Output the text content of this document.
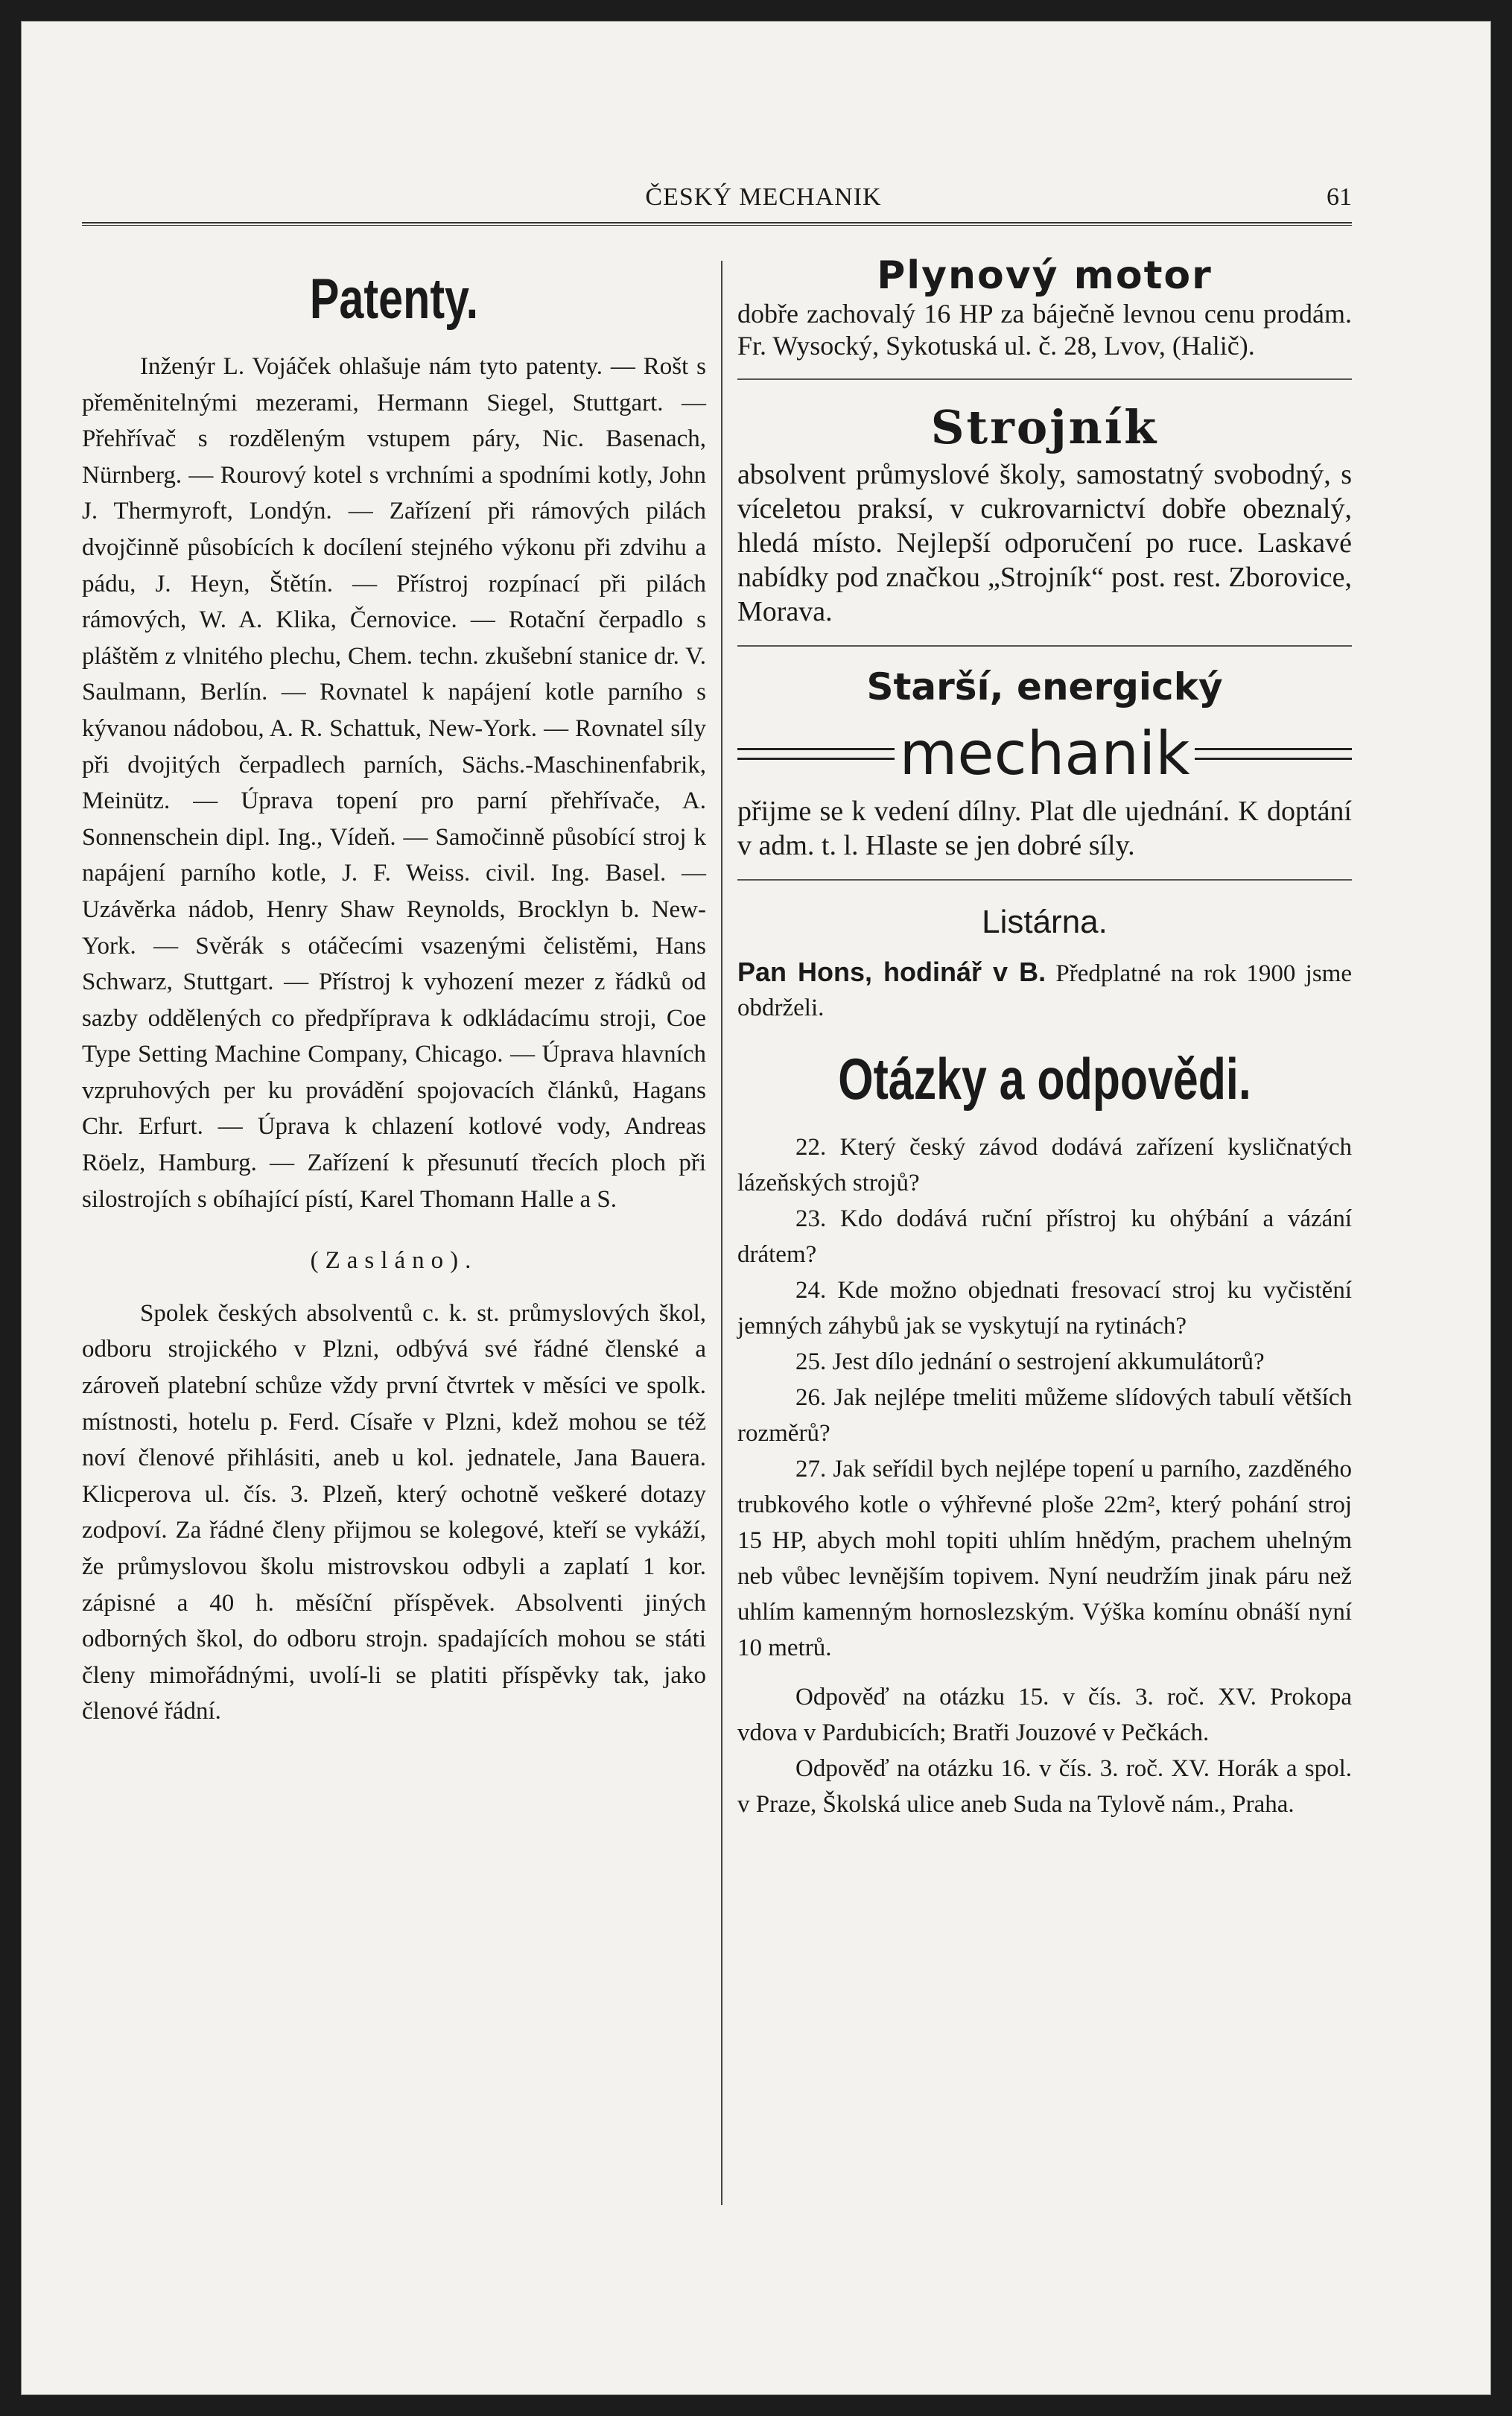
ČESKÝ MECHANIK	61
Patenty.

Inženýr L. Vojáček ohlašuje nám tyto patenty. — Rošt s přeměnitelnými mezerami, Hermann Siegel, Stuttgart. — Přehřívač s rozděleným vstupem páry, Nic. Basenach, Nürnberg. — Rourový kotel s vrchními a spodními kotly, John J. Thermyroft, Londýn. — Zařízení při rámových pilách dvojčinně působících k docílení stejného výkonu při zdvihu a pádu, J. Heyn, Štětín. — Přístroj rozpínací při pilách rámových, W. A. Klika, Černovice. — Rotační čerpadlo s pláštěm z vlnitého plechu, Chem. techn. zkušební stanice dr. V. Saulmann, Berlín. — Rovnatel k napájení kotle parního s kývanou nádobou, A. R. Schattuk, New-York. — Rovnatel síly při dvojitých čerpadlech parních, Sächs.-Maschinenfabrik, Meinütz. — Úprava topení pro parní přehřívače, A. Sonnenschein dipl. Ing., Vídeň. — Samočinně působící stroj k napájení parního kotle, J. F. Weiss. civil. Ing. Basel. — Uzávěrka nádob, Henry Shaw Reynolds, Brocklyn b. New-York. — Svěrák s otáčecími vsazenými čelistěmi, Hans Schwarz, Stuttgart. — Přístroj k vyhození mezer z řádků od sazby oddělených co předpříprava k odkládacímu stroji, Coe Type Setting Machine Company, Chicago. — Úprava hlavních vzpruhových per ku provádění spojovacích článků, Hagans Chr. Erfurt. — Úprava k chlazení kotlové vody, Andreas Röelz, Hamburg. — Zařízení k přesunutí třecích ploch při silostrojích s obíhající pístí, Karel Thomann Halle a S.

(Zasláno).

Spolek českých absolventů c. k. st. průmyslových škol, odboru strojického v Plzni, odbývá své řádné členské a zároveň platební schůze vždy první čtvrtek v měsíci ve spolk. místnosti, hotelu p. Ferd. Císaře v Plzni, kdež mohou se též noví členové přihlásiti, aneb u kol. jednatele, Jana Bauera. Klicperova ul. čís. 3. Plzeň, který ochotně veškeré dotazy zodpoví. Za řádné členy přijmou se kolegové, kteří se vykáží, že průmyslovou školu mistrovskou odbyli a zaplatí 1 kor. zápisné a 40 h. měsíční příspěvek. Absolventi jiných odborných škol, do odboru strojn. spadajících mohou se státi členy mimořádnými, uvolí-li se platiti příspěvky tak, jako členové řádní.

Plynový motor

dobře zachovalý 16 HP za báječně levnou cenu prodám. Fr. Wysocký, Sykotuská ul. č. 28, Lvov, (Halič).

Strojník

absolvent průmyslové školy, samostatný svobodný, s víceletou praksí, v cukrovarnictví dobře obeznalý, hledá místo. Nejlepší odporučení po ruce. Laskavé nabídky pod značkou „Strojník“ post. rest. Zborovice, Morava.

Starší, energický
mechanik

přijme se k vedení dílny. Plat dle ujednání. K doptání v adm. t. l. Hlaste se jen dobré síly.

Listárna.

Pan Hons, hodinář v B. Předplatné na rok 1900 jsme obdrželi.

Otázky a odpovědi.

22. Který český závod dodává zařízení kysličnatých lázeňských strojů?

23. Kdo dodává ruční přístroj ku ohýbání a vázání drátem?

24. Kde možno objednati fresovací stroj ku vyčistění jemných záhybů jak se vyskytují na rytinách?

25. Jest dílo jednání o sestrojení akkumulátorů?

26. Jak nejlépe tmeliti můžeme slídových tabulí větších rozměrů?

27. Jak seřídil bych nejlépe topení u parního, zazděného trubkového kotle o výhřevné ploše 22m², který pohání stroj 15 HP, abych mohl topiti uhlím hnědým, prachem uhelným neb vůbec levnějším topivem. Nyní neudržím jinak páru než uhlím kamenným hornoslezským. Výška komínu obnáší nyní 10 metrů.

Odpověď na otázku 15. v čís. 3. roč. XV. Prokopa vdova v Pardubicích; Bratři Jouzové v Pečkách.

Odpověď na otázku 16. v čís. 3. roč. XV. Horák a spol. v Praze, Školská ulice aneb Suda na Tylově nám., Praha.
